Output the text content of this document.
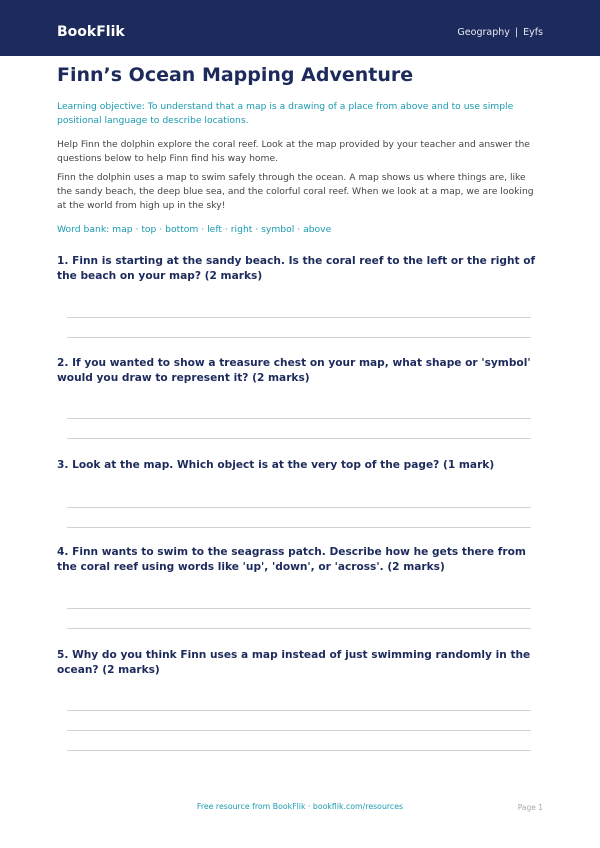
BookFlik	Geography | Eyfs
Finn’s Ocean Mapping Adventure

Learning objective: To understand that a map is a drawing of a place from above and to use simple positional language to describe locations.

Help Finn the dolphin explore the coral reef. Look at the map provided by your teacher and answer the questions below to help Finn find his way home.

Finn the dolphin uses a map to swim safely through the ocean. A map shows us where things are, like the sandy beach, the deep blue sea, and the colorful coral reef. When we look at a map, we are looking at the world from high up in the sky!

Word bank: map · top · bottom · left · right · symbol · above

1. Finn is starting at the sandy beach. Is the coral reef to the left or the right of the beach on your map? (2 marks)

2. If you wanted to show a treasure chest on your map, what shape or 'symbol' would you draw to represent it? (2 marks)

3. Look at the map. Which object is at the very top of the page? (1 mark)

4. Finn wants to swim to the seagrass patch. Describe how he gets there from the coral reef using words like 'up', 'down', or 'across'. (2 marks)

5. Why do you think Finn uses a map instead of just swimming randomly in the ocean? (2 marks)

Free resource from BookFlik · bookflik.com/resources	Page 1
